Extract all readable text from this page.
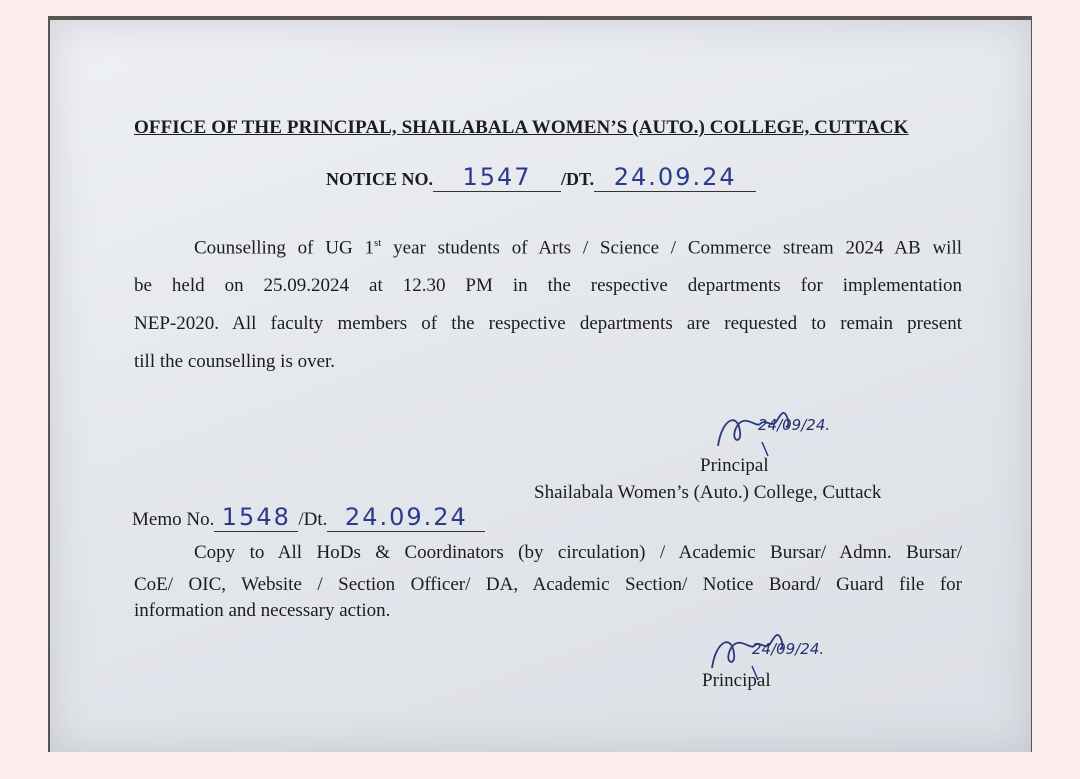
OFFICE OF THE PRINCIPAL, SHAILABALA WOMEN’S (AUTO.) COLLEGE, CUTTACK
NOTICE NO. 1547 /DT. 24.09.24
Counselling of UG 1st year students of Arts / Science / Commerce stream 2024 AB will
be held on 25.09.2024 at 12.30 PM in the respective departments for implementation
NEP-2020. All faculty members of the respective departments are requested to remain present
till the counselling is over.
24/09/24.
Principal
Shailabala Women’s (Auto.) College, Cuttack
Memo No. 1548 /Dt. 24.09.24
Copy to All HoDs & Coordinators (by circulation) / Academic Bursar/ Admn. Bursar/
CoE/ OIC, Website / Section Officer/ DA, Academic Section/ Notice Board/ Guard file for
information and necessary action.
24/09/24.
Principal
